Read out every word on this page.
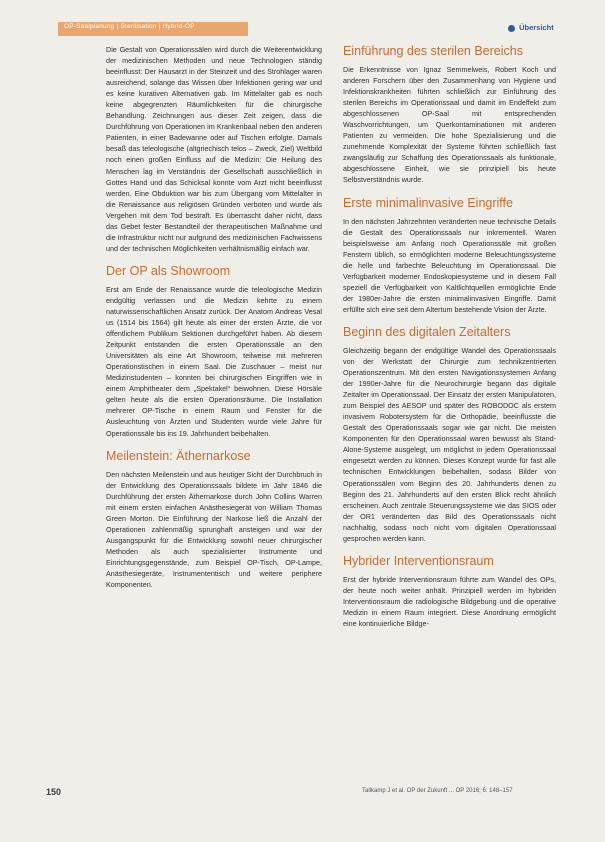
OP-Saalplanung | Sterilisation | Hybrid-OP	Übersicht

Die Gestalt von Operationssälen wird durch die Weiterentwicklung der medizinischen Methoden und neue Technologien ständig beeinflusst: Der Hausarzt in der Steinzeit und des Strohlager waren ausreichend, solange das Wissen über Infektionen gering war und es keine kurativen Alternativen gab. Im Mittelalter gab es noch keine abgegrenzten Räumlichkeiten für die chirurgische Behandlung. Zeichnungen aus dieser Zeit zeigen, dass die Durchführung von Operationen im Krankenbaal neben den anderen Patienten, in einer Badewanne oder auf Tischen erfolgte. Damals besaß das teleologische (altgriechisch telos – Zweck, Ziel) Weltbild noch einen großen Einfluss auf die Medizin: Die Heilung des Menschen lag im Verständnis der Gesellschaft ausschließlich in Gottes Hand und das Schicksal konnte vom Arzt nicht beeinflusst werden. Eine Obduktion war bis zum Übergang vom Mittelalter in die Renaissance aus religiösen Gründen verboten und wurde als Vergehen mit dem Tod bestraft. Es überrascht daher nicht, dass das Gebet fester Bestandteil der therapeutischen Maßnahme und die Infrastruktur nicht nur aufgrund des medizinischen Fachwissens und der technischen Möglichkeiten verhältnismäßig einfach war.

Der OP als Showroom

Erst am Ende der Renaissance wurde die teleologische Medizin endgültig verlassen und die Medizin kehrte zu einem naturwissenschaftlichen Ansatz zurück. Der Anatom Andreas Vesal us (1514 bis 1564) gilt heute als einer der ersten Ärzte, die vor öffentlichem Publikum Sektionen durchgeführt haben. Ab diesem Zeitpunkt entstanden die ersten Operationssäle an den Universitäten als eine Art Showroom, teilweise mit mehreren Operationstischen in einem Saal. Die Zuschauer – meist nur Medizinstudenten – konnten bei chirurgischen Eingriffen wie in einem Amphitheater dem „Spektakel“ beiwohnen. Diese Hörsäle gelten heute als die ersten Operationsräume. Die Installation mehrerer OP-Tische in einem Raum und Fenster für die Ausleuchtung von Ärzten und Studenten wurde viele Jahre für Operationssäle bis ins 19. Jahrhundert beibehalten.

Meilenstein: Äthernarkose

Den nächsten Meilenstein und aus heutiger Sicht der Durchbruch in der Entwicklung des Operationssaals bildete im Jahr 1846 die Durchführung der ersten Äthernarkose durch John Collins Warren mit einem ersten einfachen Anästhesiegerät von William Thomas Green Morton. Die Einführung der Narkose ließ die Anzahl der Operationen zahlenmäßig sprunghaft ansteigen und war der Ausgangspunkt für die Entwicklung sowohl neuer chirurgischer Methoden als auch spezialisierter Instrumente und Einrichtungsgegenstände, zum Beispiel OP-Tisch, OP-Lampe, Anästhesiegeräte, Instrumententisch und weitere periphere Komponenten.

Einführung des sterilen Bereichs

Die Erkenntnisse von Ignaz Semmelweis, Robert Koch und anderen Forschern über den Zusammenhang von Hygiene und Infektionskrankheiten führten schließlich zur Einführung des sterilen Bereichs im Operationssaal und damit im Endeffekt zum abgeschlossenen OP-Saal mit entsprechenden Waschvorrichtungen, um Querkontaminationen mit anderen Patienten zu vermeiden. Die hohe Spezialisierung und die zunehmende Komplexität der Systeme führten schließlich fast zwangsläufig zur Schaffung des Operationssaals als funktionale, abgeschlossene Einheit, wie sie prinzipiell bis heute Selbstverständnis wurde.

Erste minimalinvasive Eingriffe

In den nächsten Jahrzehnten veränderten neue technische Details die Gestalt des Operationssaals nur inkrementell. Waren beispielsweise am Anfang noch Operationssäle mit großen Fenstern üblich, so ermöglichten moderne Beleuchtungssysteme die helle und farbechte Beleuchtung im Operationssaal. Die Verfügbarkeit moderner Endoskopiesysteme und in diesem Fall speziell die Verfügbarkeit von Kaltlichtquellen ermöglichte Ende der 1980er-Jahre die ersten minimalinvasiven Eingriffe. Damit erfüllte sich eine seit dem Altertum bestehende Vision der Ärzte.

Beginn des digitalen Zeitalters

Gleichzeitig begann der endgültige Wandel des Operationssaals von der Werkstatt der Chirurgie zum technikzentrierten Operationszentrum. Mit den ersten Navigationssystemen Anfang der 1990er-Jahre für die Neurochirurgie begann das digitale Zeitalter im Operationssaal. Der Einsatz der ersten Manipulatoren, zum Beispiel des AESOP und später des ROBODOC als erstem invasivem Robotersystem für die Orthopädie, beeinflusste die Gestalt des Operationssaals sogar wie gar nicht. Die meisten Komponenten für den Operationssaal waren bewusst als Stand-Alone-Systeme ausgelegt, um möglichst in jedem Operationssaal eingesetzt werden zu können. Dieses Konzept wurde für fast alle technischen Entwicklungen beibehalten, sodass Bilder von Operationssälen vom Beginn des 20. Jahrhunderts denen zu Beginn des 21. Jahrhunderts auf den ersten Blick recht ähnlich erscheinen. Auch zentrale Steuerungssysteme wie das SIOS oder der OR1 veränderten das Bild des Operationssaals nicht nachhaltig, sodass noch nicht vom digitalen Operationssaal gesprochen werden kann.

Hybrider Interventionsraum

Erst der hybride Interventionsraum führte zum Wandel des OPs, der heute noch weiter anhält. Prinzipiell werden im hybriden Interventionsraum die radiologische Bildgebung und die operative Medizin in einem Raum integriert. Diese Anordnung ermöglicht eine kontinuierliche Bildge-

150	Tallkamp J et al. OP der Zukunft ... OP 2016; 6: 148–157
